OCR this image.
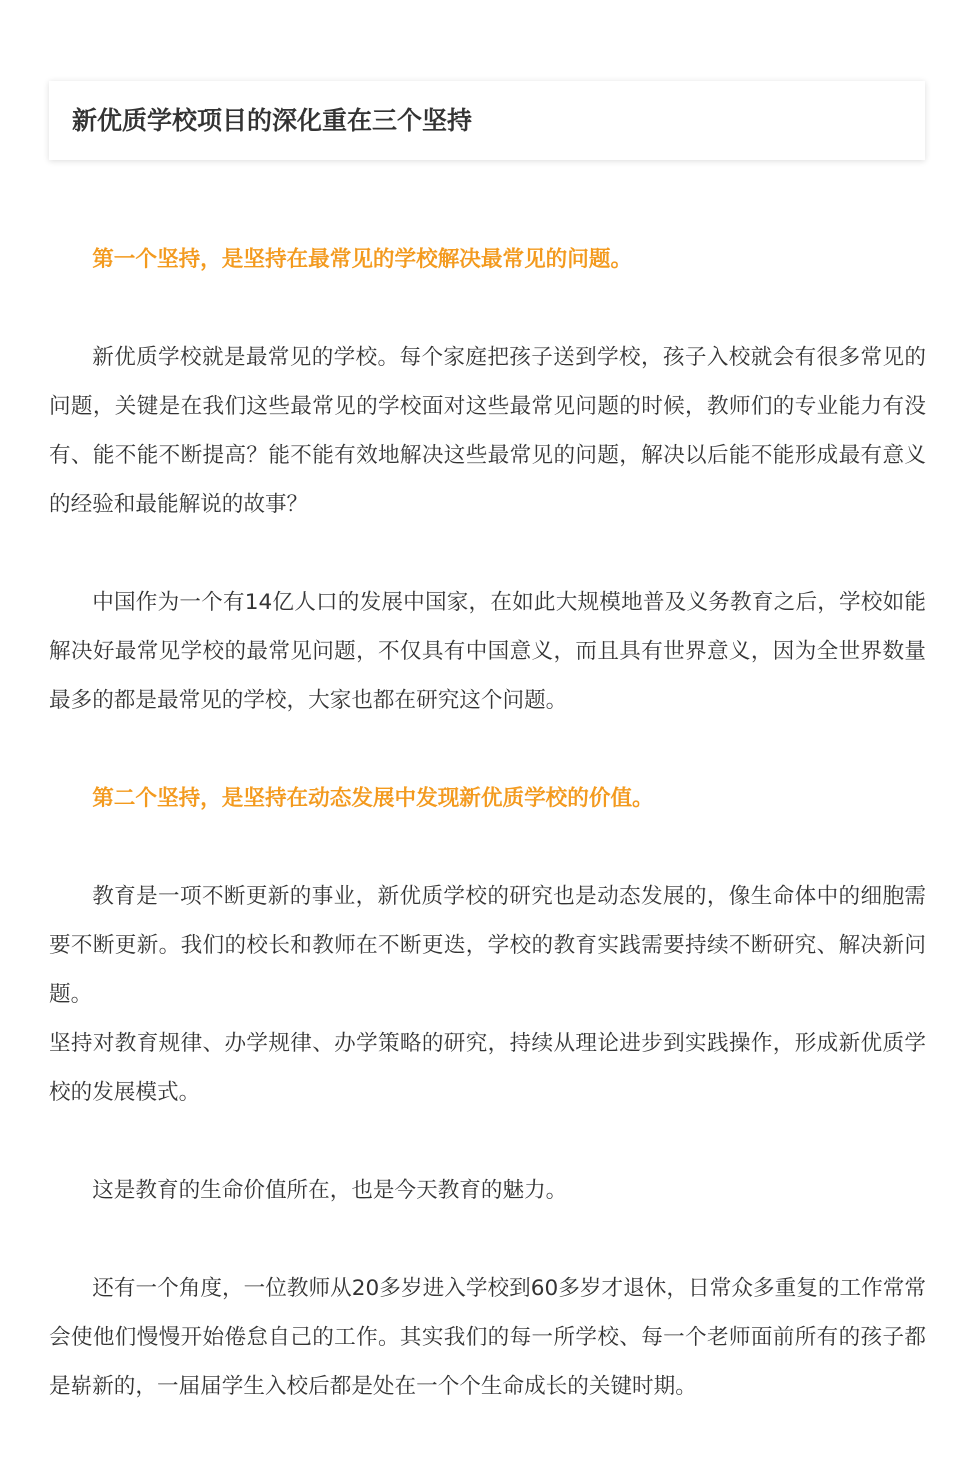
新优质学校项目的深化重在三个坚持

第一个坚持，是坚持在最常见的学校解决最常见的问题。

新优质学校就是最常见的学校。每个家庭把孩子送到学校，孩子入校就会有很多常见的问题，关键是在我们这些最常见的学校面对这些最常见问题的时候，教师们的专业能力有没有、能不能不断提高？能不能有效地解决这些最常见的问题，解决以后能不能形成最有意义的经验和最能解说的故事？

中国作为一个有14亿人口的发展中国家，在如此大规模地普及义务教育之后，学校如能解决好最常见学校的最常见问题，不仅具有中国意义，而且具有世界意义，因为全世界数量最多的都是最常见的学校，大家也都在研究这个问题。

第二个坚持，是坚持在动态发展中发现新优质学校的价值。

教育是一项不断更新的事业，新优质学校的研究也是动态发展的，像生命体中的细胞需要不断更新。我们的校长和教师在不断更迭，学校的教育实践需要持续不断研究、解决新问题。

坚持对教育规律、办学规律、办学策略的研究，持续从理论进步到实践操作，形成新优质学校的发展模式。

这是教育的生命价值所在，也是今天教育的魅力。

还有一个角度，一位教师从20多岁进入学校到60多岁才退休，日常众多重复的工作常常会使他们慢慢开始倦怠自己的工作。其实我们的每一所学校、每一个老师面前所有的孩子都是崭新的，一届届学生入校后都是处在一个个生命成长的关键时期。
